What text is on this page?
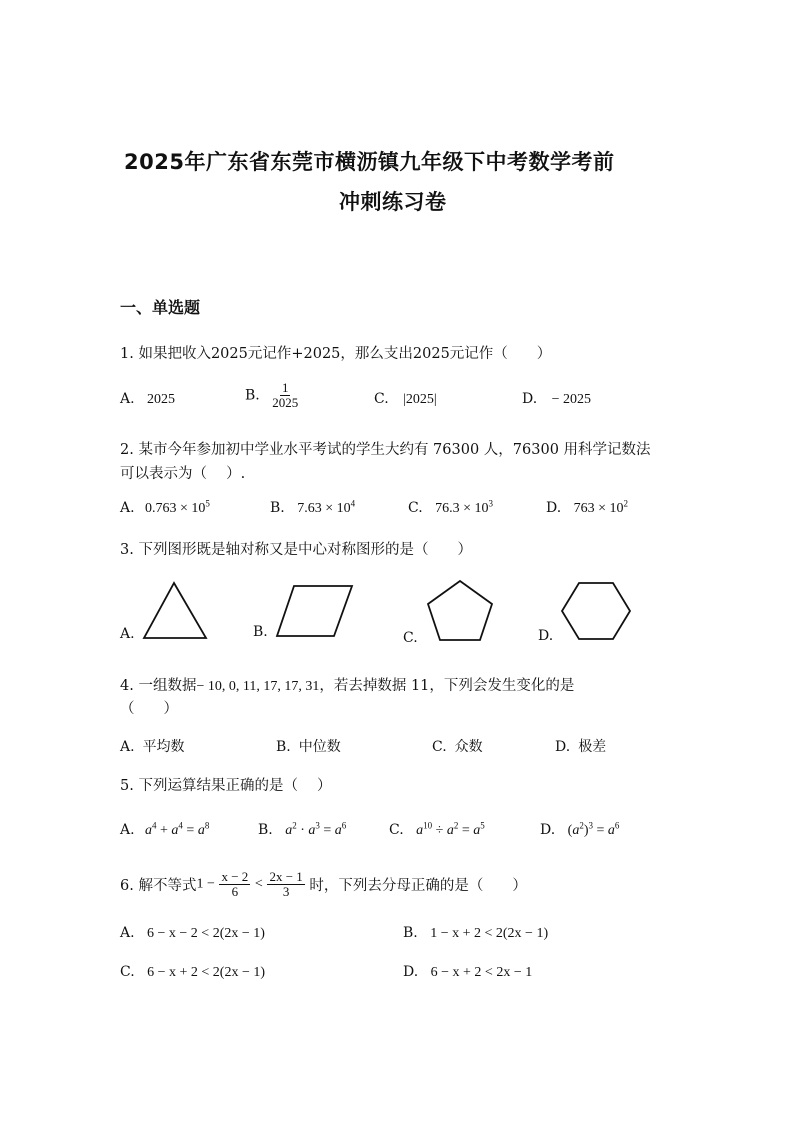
2025年广东省东莞市横沥镇九年级下中考数学考前
冲刺练习卷
一、单选题
1. 如果把收入2025元记作+2025，那么支出2025元记作（　　）
A. 2025	B. $\frac{1}{2025}$	C. |2025|	D. − 2025
2. 某市今年参加初中学业水平考试的学生大约有 76300 人，76300 用科学记数法
可以表示为（　 ）.
A. $0.763 \times 10^5$	B. $7.63 \times 10^4$	C. $76.3 \times 10^3$	D. $763 \times 10^2$
3. 下列图形既是轴对称又是中心对称图形的是（　　）
A.	B.	C.	D.
4. 一组数据− 10, 0, 11, 17, 17, 31，若去掉数据 11，下列会发生变化的是
（　　）
A. 平均数	B. 中位数	C. 众数	D. 极差
5. 下列运算结果正确的是（　 ）
A. $a^4 + a^4 = a^8$	B. $a^2 \cdot a^3 = a^6$	C. $a^{10} \div a^2 = a^5$	D. $(a^2)^3 = a^6$
6. 解不等式$1 - \frac{x - 2}{6} < \frac{2x - 1}{3}$ 时，下列去分母正确的是（　　）
A. 6 − x − 2 < 2(2x − 1)	B. 1 − x + 2 < 2(2x − 1)
C. 6 − x + 2 < 2(2x − 1)	D. 6 − x + 2 < 2x − 1
